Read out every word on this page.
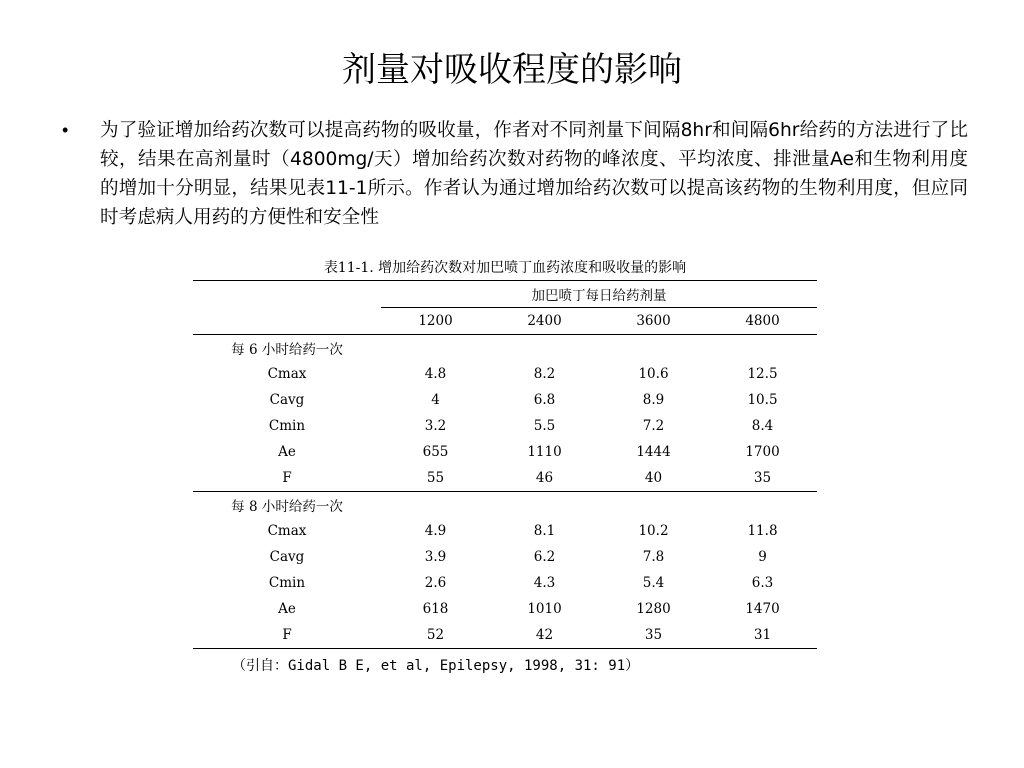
剂量对吸收程度的影响
• 为了验证增加给药次数可以提高药物的吸收量，作者对不同剂量下间隔8hr和间隔6hr给药的方法进行了比较，结果在高剂量时（4800mg/天）增加给药次数对药物的峰浓度、平均浓度、排泄量Ae和生物利用度的增加十分明显，结果见表11-1所示。作者认为通过增加给药次数可以提高该药物的生物利用度，但应同时考虑病人用药的方便性和安全性
表11-1. 增加给药次数对加巴喷丁血药浓度和吸收量的影响
	加巴喷丁每日给药剂量			
	1200	2400	3600	4800
每 6 小时给药一次				
Cmax	4.8	8.2	10.6	12.5
Cavg	4	6.8	8.9	10.5
Cmin	3.2	5.5	7.2	8.4
Ae	655	1110	1444	1700
F	55	46	40	35
每 8 小时给药一次				
Cmax	4.9	8.1	10.2	11.8
Cavg	3.9	6.2	7.8	9
Cmin	2.6	4.3	5.4	6.3
Ae	618	1010	1280	1470
F	52	42	35	31
（引自：Gidal B E, et al, Epilepsy, 1998, 31: 91）
